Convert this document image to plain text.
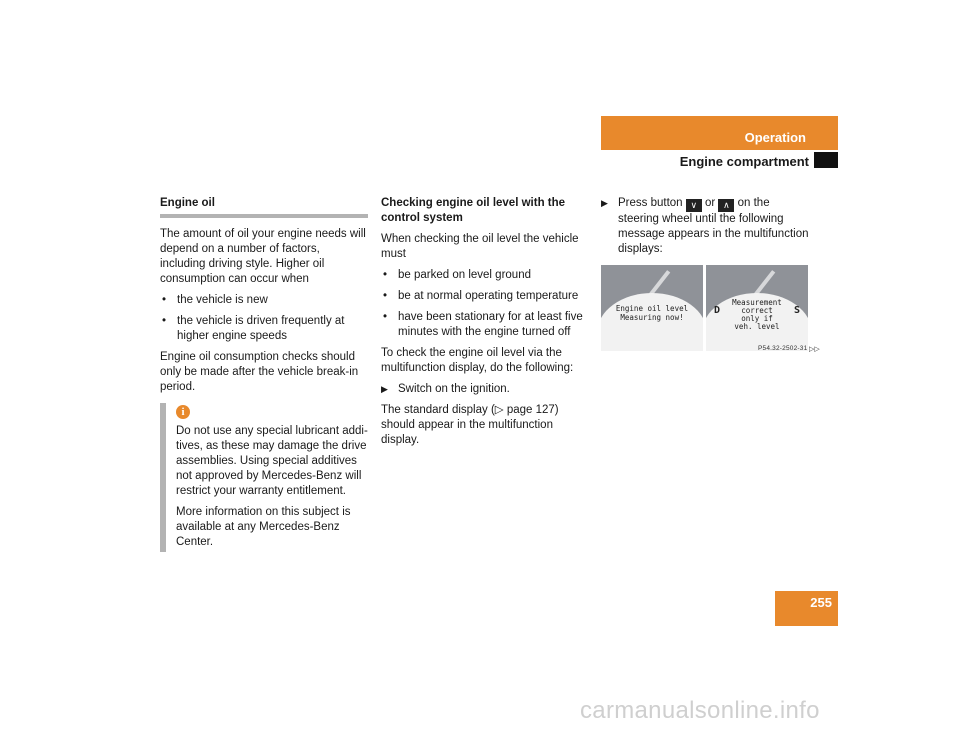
Operation
Engine compartment
Engine oil

The amount of oil your engine needs will depend on a number of factors, including driving style. Higher oil consumption can occur when

• the vehicle is new
• the vehicle is driven frequently at higher engine speeds

Engine oil consumption checks should only be made after the vehicle break-in period.

i

Do not use any special lubricant addi-tives, as these may damage the drive assemblies. Using special additives not approved by Mercedes-Benz will restrict your warranty entitlement.

More information on this subject is available at any Mercedes-Benz Center.

Checking engine oil level with the control system

When checking the oil level the vehicle must

• be parked on level ground
• be at normal operating temperature
• have been stationary for at least five minutes with the engine turned off

To check the engine oil level via the multifunction display, do the following:

▶ Switch on the ignition.

The standard display (▷ page 127) should appear in the multifunction display.

▶ Press button ∨ or ∧ on the steering wheel until the following message appears in the multifunction displays:
Engine oil level
Measuring now!
Measurement
correct
only if
veh. level
D	S
P54.32-2502-31 ▷▷
255
carmanualsonline.info
